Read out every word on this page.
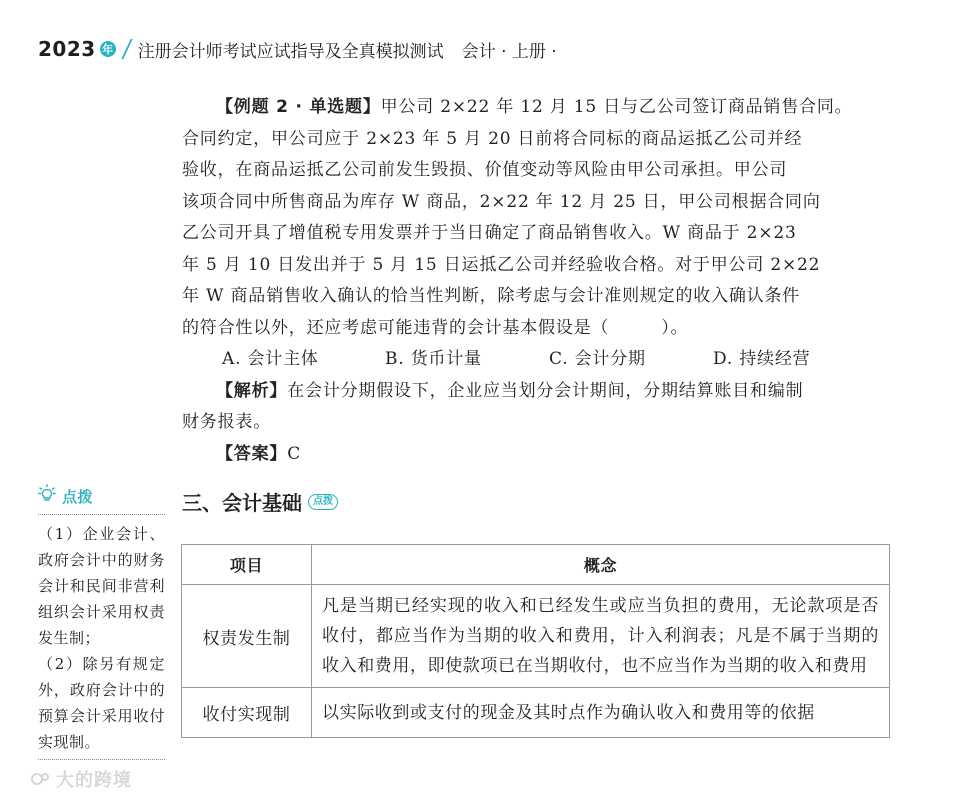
2023 年 注册会计师考试应试指导及全真模拟测试 会计 · 上册 ·

【例题 2 · 单选题】甲公司 2×22 年 12 月 15 日与乙公司签订商品销售合同。

合同约定，甲公司应于 2×23 年 5 月 20 日前将合同标的商品运抵乙公司并经

验收，在商品运抵乙公司前发生毁损、价值变动等风险由甲公司承担。甲公司

该项合同中所售商品为库存 W 商品，2×22 年 12 月 25 日，甲公司根据合同向

乙公司开具了增值税专用发票并于当日确定了商品销售收入。W 商品于 2×23

年 5 月 10 日发出并于 5 月 15 日运抵乙公司并经验收合格。对于甲公司 2×22

年 W 商品销售收入确认的恰当性判断，除考虑与会计准则规定的收入确认条件

的符合性以外，还应考虑可能违背的会计基本假设是（	）。

A. 会计主体	B. 货币计量	C. 会计分期	D. 持续经营

【解析】在会计分期假设下，企业应当划分会计期间，分期结算账目和编制

财务报表。

【答案】C

三、会计基础	点拨
项目	概念
权责发生制	凡是当期已经实现的收入和已经发生或应当负担的费用，无论款项是否收付，都应当作为当期的收入和费用，计入利润表；凡是不属于当期的收入和费用，即使款项已在当期收付，也不应当作为当期的收入和费用
收付实现制	以实际收到或支付的现金及其时点作为确认收入和费用等的依据
点拨

（1）企业会计、政府会计中的财务会计和民间非营利组织会计采用权责发生制；

（2）除另有规定外，政府会计中的预算会计采用收付实现制。

大的跨境
